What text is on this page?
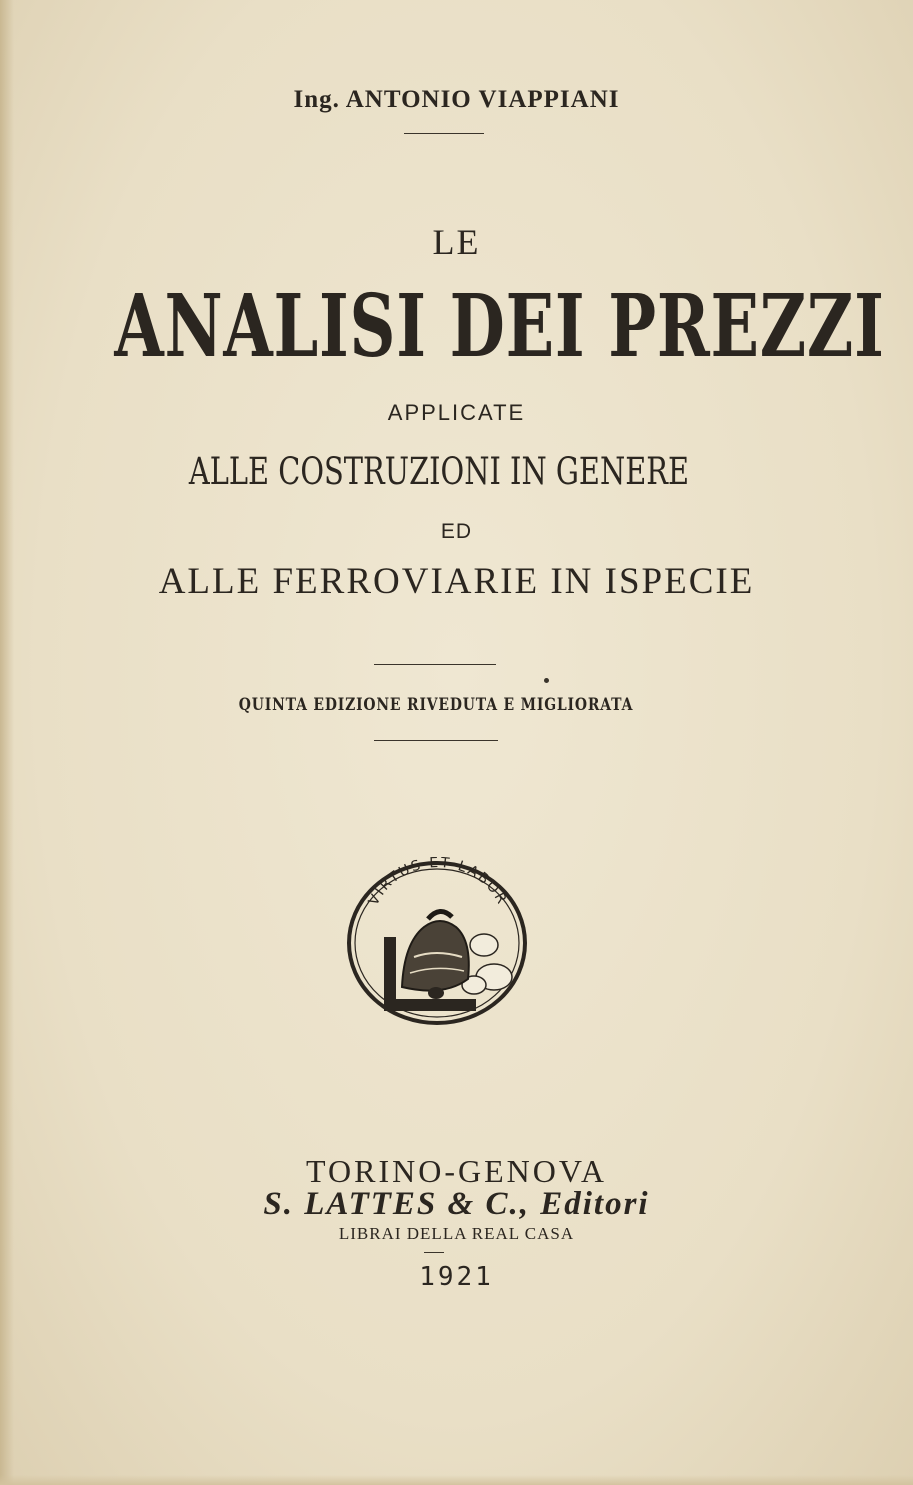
Ing. ANTONIO VIAPPIANI
LE
ANALISI DEI PREZZI
APPLICATE
ALLE COSTRUZIONI IN GENERE
ED
ALLE FERROVIARIE IN ISPECIE
QUINTA EDIZIONE RIVEDUTA E MIGLIORATA
VIRTUS ET LABOR
TORINO-GENOVA
S. LATTES & C., Editori
LIBRAI DELLA REAL CASA
1921
